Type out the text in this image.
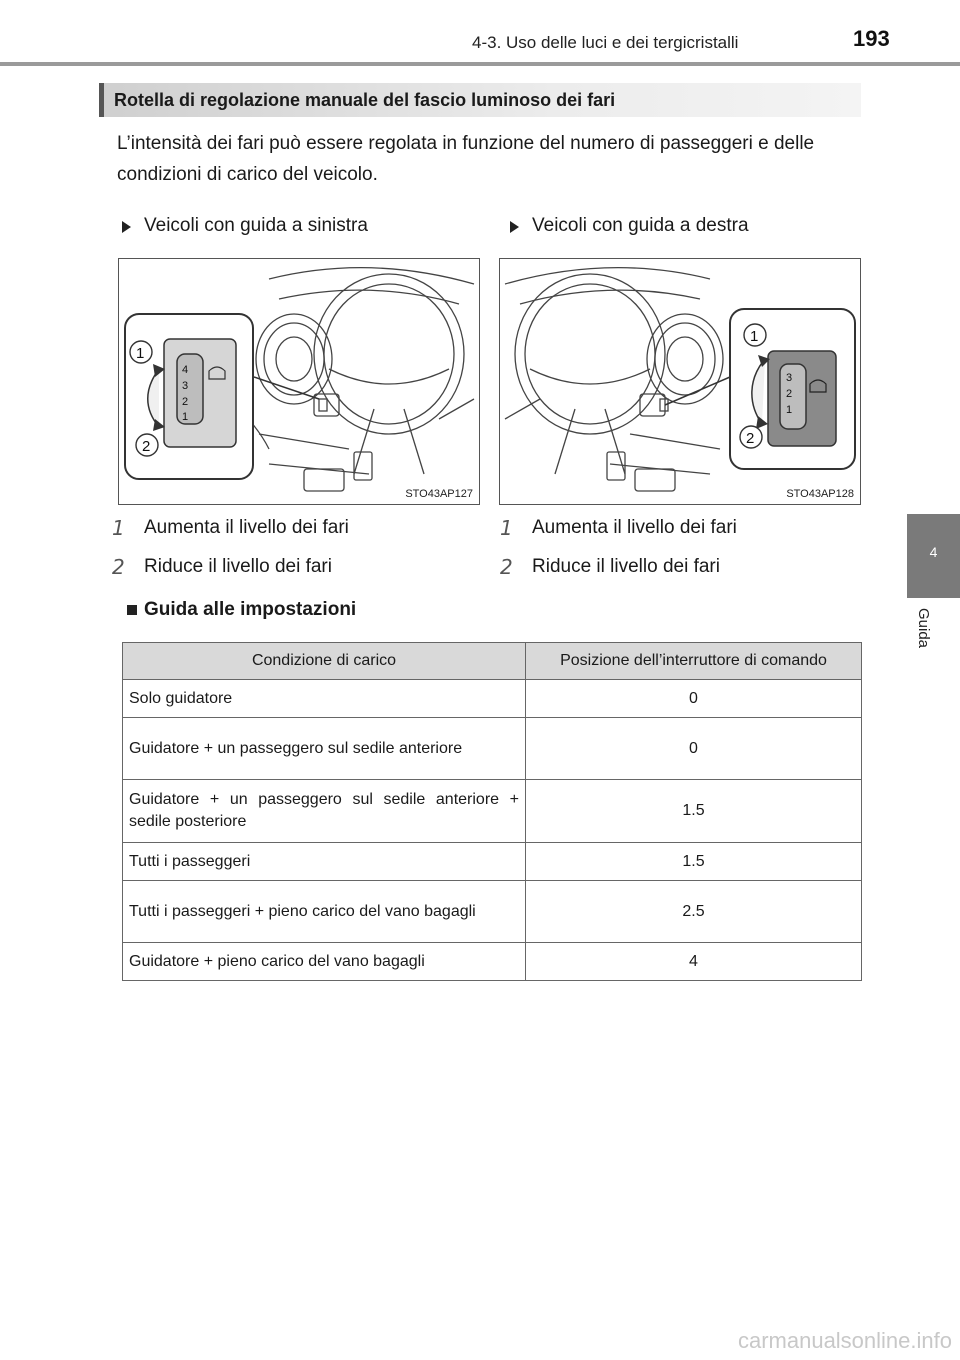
4-3. Uso delle luci e dei tergicristalli	193
4
Guida
Rotella di regolazione manuale del fascio luminoso dei fari
L’intensità dei fari può essere regolata in funzione del numero di passeggeri e delle condizioni di carico del veicolo.
Veicoli con guida a sinistra	Veicoli con guida a destra
4
3
2
1
1
2
STO43AP127
3
2
1
1
2
STO43AP128
1 Aumenta il livello dei fari
2 Riduce il livello dei fari
1 Aumenta il livello dei fari
2 Riduce il livello dei fari
Guida alle impostazioni
Condizione di carico	Posizione dell’interruttore di comando
Solo guidatore	0
Guidatore + un passeggero sul sedile anteriore	0
Guidatore + un passeggero sul sedile anteriore + sedile posteriore	1.5
Tutti i passeggeri	1.5
Tutti i passeggeri + pieno carico del vano bagagli	2.5
Guidatore + pieno carico del vano bagagli	4
carmanualsonline.info
